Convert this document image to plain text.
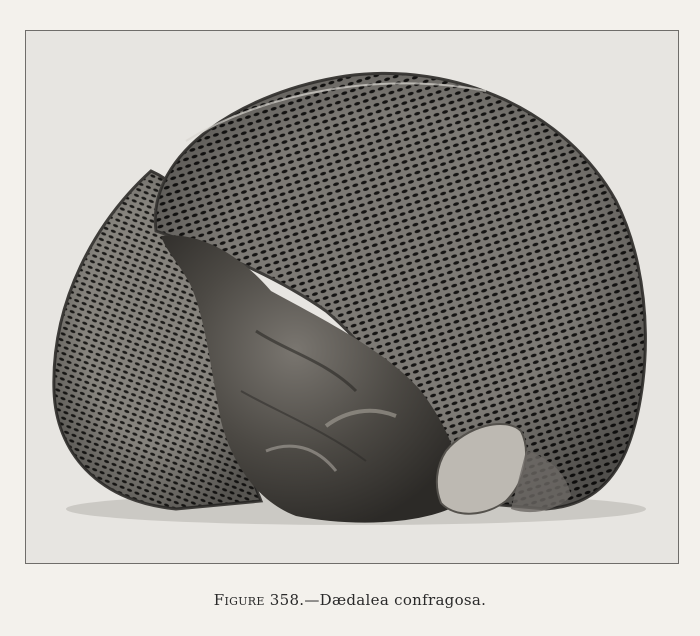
Figure 358.—Dædalea confragosa.
